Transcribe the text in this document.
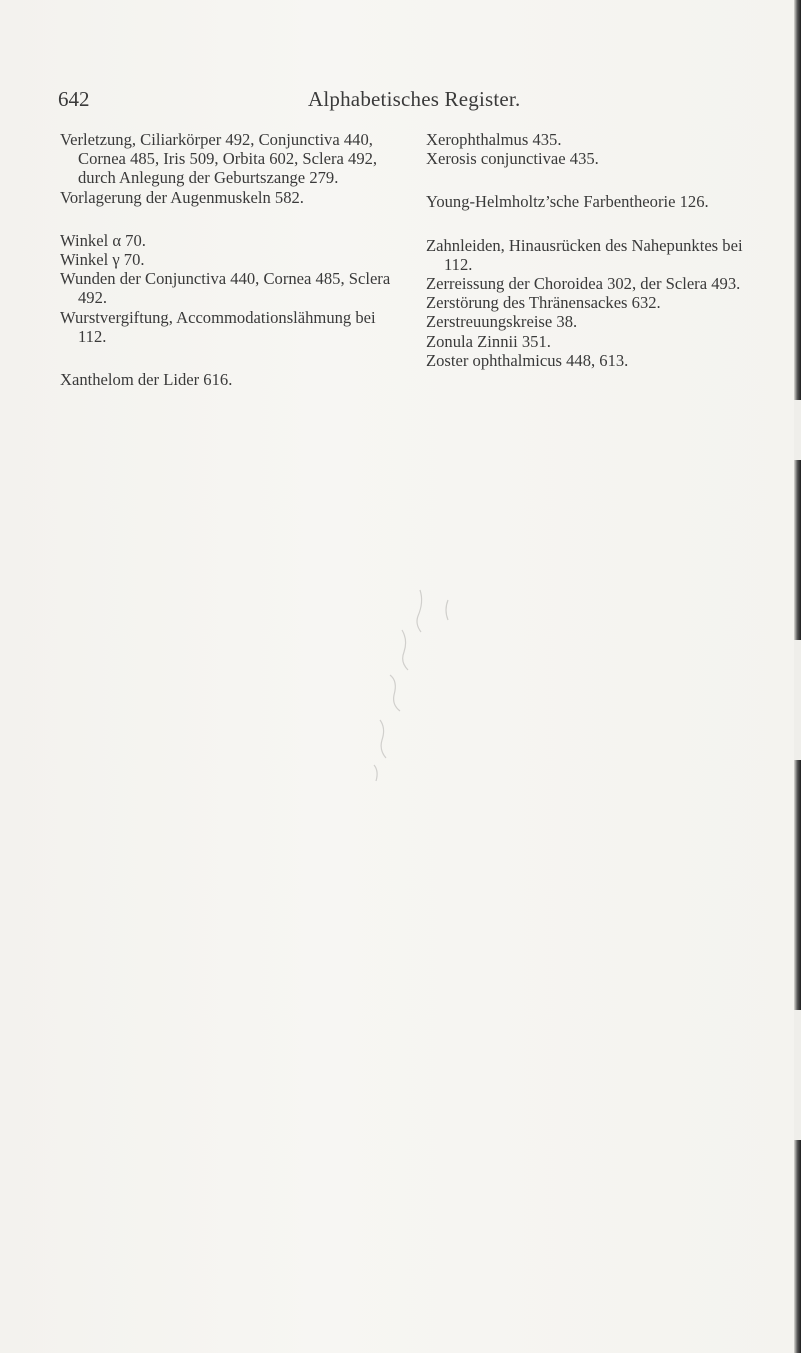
642	Alphabetisches Register.

Verletzung, Ciliarkörper 492, Conjunctiva 440, Cornea 485, Iris 509, Orbita 602, Sclera 492, durch Anlegung der Geburtszange 279.

Vorlagerung der Augenmuskeln 582.

Winkel α 70.

Winkel γ 70.

Wunden der Conjunctiva 440, Cornea 485, Sclera 492.

Wurstvergiftung, Accommodationslähmung bei 112.

Xanthelom der Lider 616.

Xerophthalmus 435.

Xerosis conjunctivae 435.

Young-Helmholtz’sche Farbentheorie 126.

Zahnleiden, Hinausrücken des Nahepunktes bei 112.

Zerreissung der Choroidea 302, der Sclera 493.

Zerstörung des Thränensackes 632.

Zerstreuungskreise 38.

Zonula Zinnii 351.

Zoster ophthalmicus 448, 613.
